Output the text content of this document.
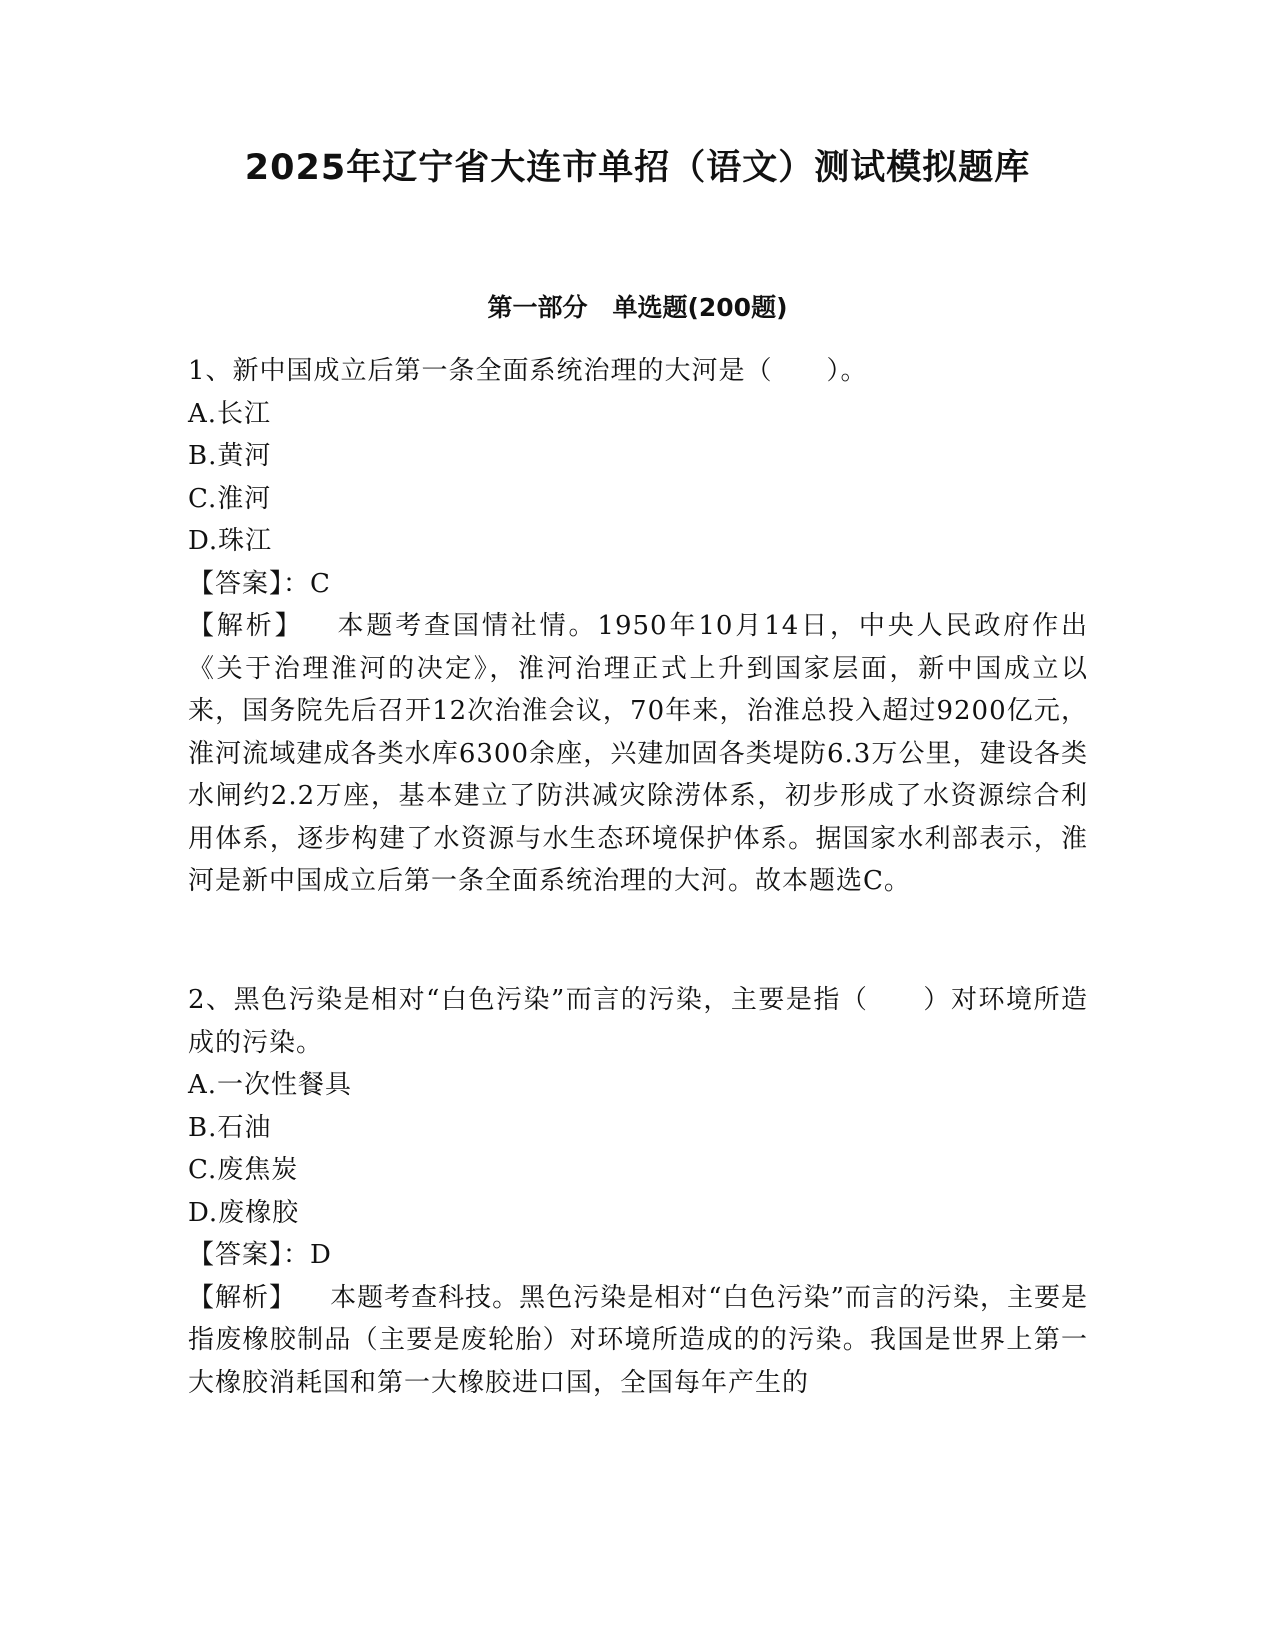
2025年辽宁省大连市单招（语文）测试模拟题库
第一部分　单选题(200题)

1、新中国成立后第一条全面系统治理的大河是（　　）。

A.长江

B.黄河

C.淮河

D.珠江

【答案】：C

【解析】 本题考查国情社情。1950年10月14日，中央人民政府作出《关于治理淮河的决定》，淮河治理正式上升到国家层面，新中国成立以来，国务院先后召开12次治淮会议，70年来，治淮总投入超过9200亿元，淮河流域建成各类水库6300余座，兴建加固各类堤防6.3万公里，建设各类水闸约2.2万座，基本建立了防洪减灾除涝体系，初步形成了水资源综合利用体系，逐步构建了水资源与水生态环境保护体系。据国家水利部表示，淮河是新中国成立后第一条全面系统治理的大河。故本题选C。

2、黑色污染是相对“白色污染”而言的污染，主要是指（　　）对环境所造成的污染。

A.一次性餐具

B.石油

C.废焦炭

D.废橡胶

【答案】：D

【解析】 本题考查科技。黑色污染是相对“白色污染”而言的污染，主要是指废橡胶制品（主要是废轮胎）对环境所造成的的污染。我国是世界上第一大橡胶消耗国和第一大橡胶进口国，全国每年产生的
